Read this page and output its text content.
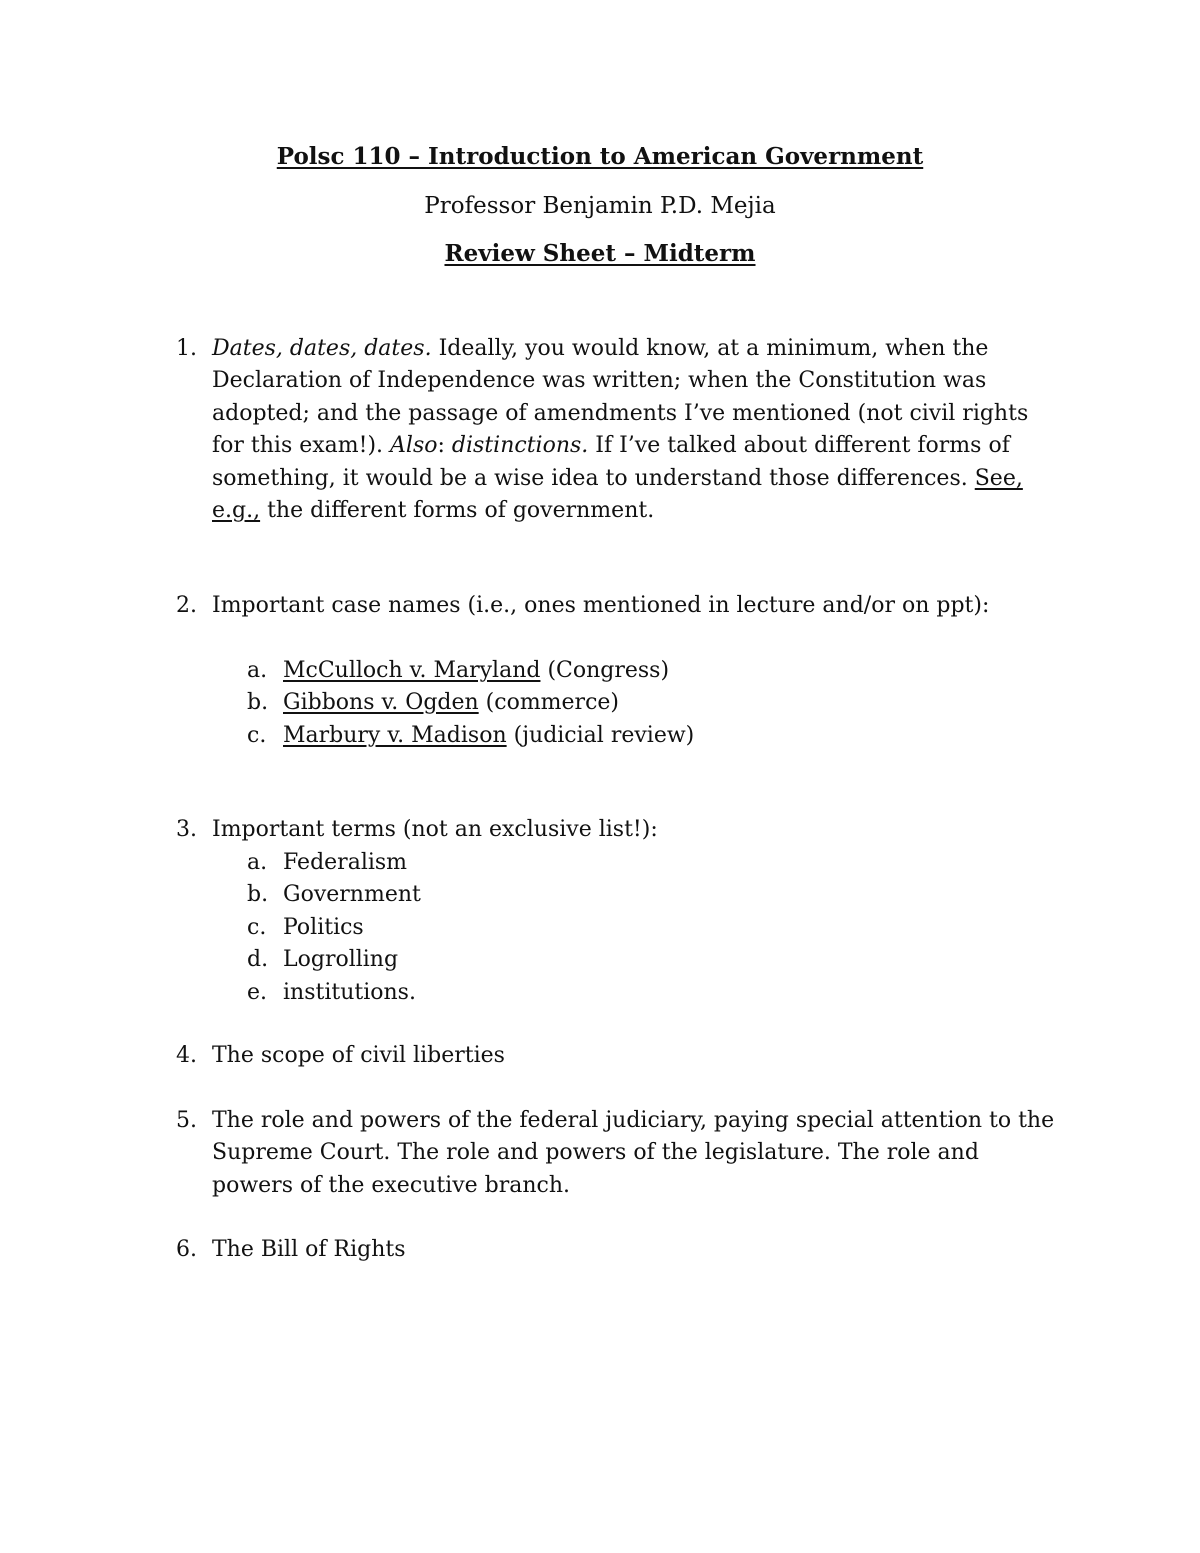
Polsc 110 – Introduction to American Government
Professor Benjamin P.D. Mejia
Review Sheet – Midterm
1. Dates, dates, dates. Ideally, you would know, at a minimum, when the Declaration of Independence was written; when the Constitution was adopted; and the passage of amendments I’ve mentioned (not civil rights for this exam!). Also: distinctions. If I’ve talked about different forms of something, it would be a wise idea to understand those differences. See, e.g., the different forms of government.
2. Important case names (i.e., ones mentioned in lecture and/or on ppt):
a. McCulloch v. Maryland (Congress)
b. Gibbons v. Ogden (commerce)
c. Marbury v. Madison (judicial review)
3. Important terms (not an exclusive list!):
a. Federalism
b. Government
c. Politics
d. Logrolling
e. institutions.
4. The scope of civil liberties
5. The role and powers of the federal judiciary, paying special attention to the Supreme Court. The role and powers of the legislature. The role and powers of the executive branch.
6. The Bill of Rights
